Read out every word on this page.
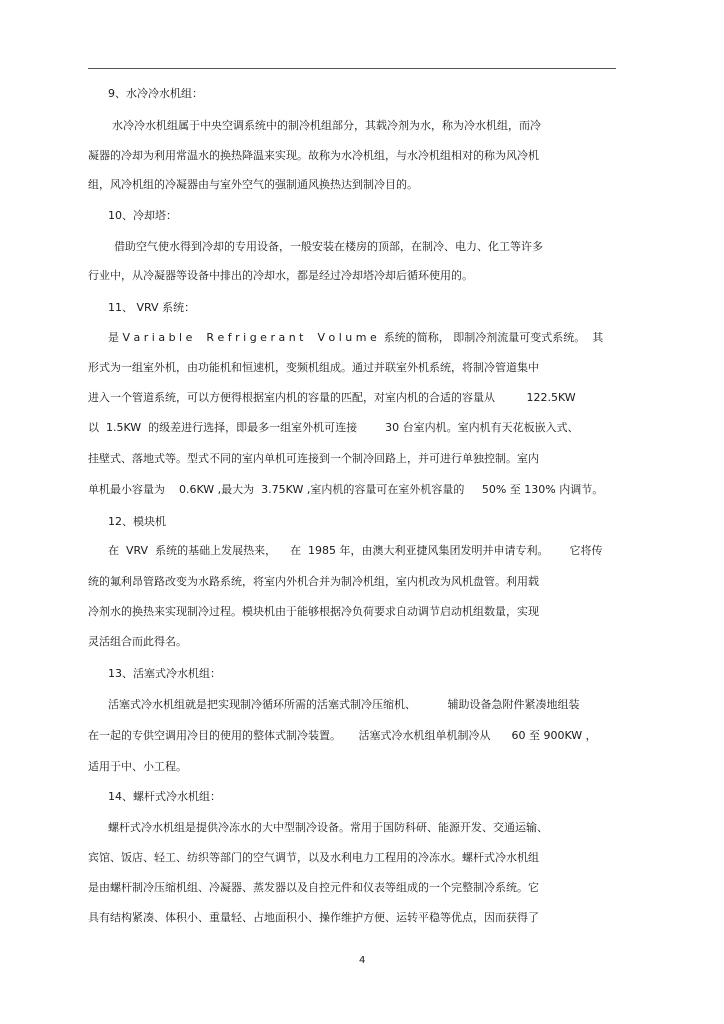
9、水冷冷水机组：

水冷冷水机组属于中央空调系统中的制冷机组部分，其载冷剂为水，称为冷水机组，而冷

凝器的冷却为利用常温水的换热降温来实现。故称为水冷机组，与水冷机组相对的称为风冷机

组，风冷机组的冷凝器由与室外空气的强制通风换热达到制冷目的。

10、冷却塔：

借助空气使水得到冷却的专用设备，一般安装在楼房的顶部，在制冷、电力、化工等许多

行业中，从冷凝器等设备中排出的冷却水，都是经过冷却塔冷却后循环使用的。

11、 VRV 系统：

是 V a r i a b l e    R e f r i g e r a n t    V o l u m e  系统的简称， 即制冷剂流量可变式系统。  其

形式为一组室外机，由功能机和恒速机，变频机组成。通过并联室外机系统，将制冷管道集中

进入一个管道系统，可以方便得根据室内机的容量的匹配，对室内机的合适的容量从         122.5KW

以  1.5KW  的级差进行选择，即最多一组室外机可连接        30 台室内机。室内机有天花板嵌入式、

挂壁式、落地式等。型式不同的室内单机可连接到一个制冷回路上，并可进行单独控制。室内

单机最小容量为    0.6KW ,最大为  3.75KW ,室内机的容量可在室外机容量的     50% 至 130% 内调节。

12、模块机

在  VRV  系统的基础上发展热来，    在  1985 年，由澳大利亚捷风集团发明并申请专利。      它将传

统的氟利昂管路改变为水路系统，将室内外机合并为制冷机组，室内机改为风机盘管。利用载

冷剂水的换热来实现制冷过程。模块机由于能够根据冷负荷要求自动调节启动机组数量，实现

灵活组合而此得名。

13、活塞式冷水机组：

活塞式冷水机组就是把实现制冷循环所需的活塞式制冷压缩机、         辅助设备急附件紧凑地组装

在一起的专供空调用冷目的使用的整体式制冷装置。     活塞式冷水机组单机制冷从      60 至 900KW ，

适用于中、小工程。

14、螺杆式冷水机组：

螺杆式冷水机组是提供冷冻水的大中型制冷设备。常用于国防科研、能源开发、交通运输、

宾馆、饭店、轻工、纺织等部门的空气调节，以及水利电力工程用的冷冻水。螺杆式冷水机组

是由螺杆制冷压缩机组、冷凝器、蒸发器以及自控元件和仪表等组成的一个完整制冷系统。它

具有结构紧凑、体积小、重量轻、占地面积小、操作维护方便、运转平稳等优点，因而获得了

4
